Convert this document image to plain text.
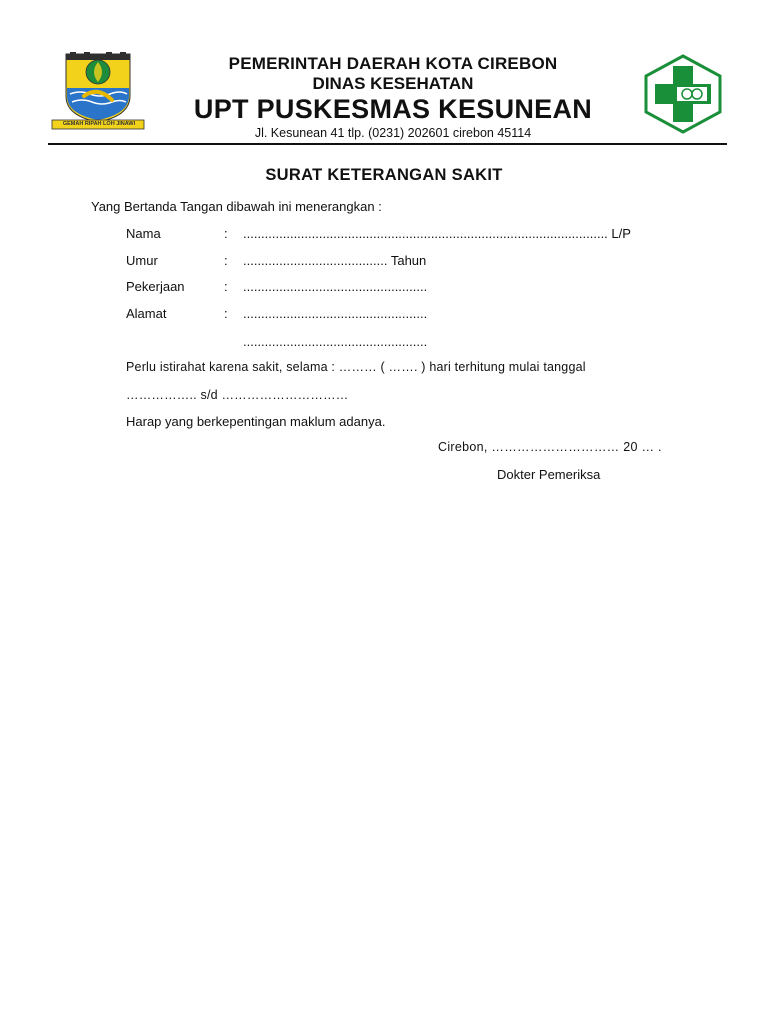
GEMAH RIPAH LOH JINAWI
PEMERINTAH DAERAH KOTA CIREBON
DINAS KESEHATAN
UPT PUSKESMAS KESUNEAN
Jl. Kesunean 41 tlp. (0231) 202601 cirebon 45114
SURAT KETERANGAN SAKIT
Yang Bertanda Tangan dibawah ini menerangkan :
Nama	: ..................................................................................................... L/P
Umur	: ........................................ Tahun
Pekerjaan	: ...................................................
Alamat	: ...................................................
...................................................
Perlu istirahat karena sakit, selama : ……… ( ……. ) hari terhitung mulai tanggal
…………….. s/d …………………………
Harap yang berkepentingan maklum adanya.
Cirebon, ………………………… 20 … .
Dokter Pemeriksa
